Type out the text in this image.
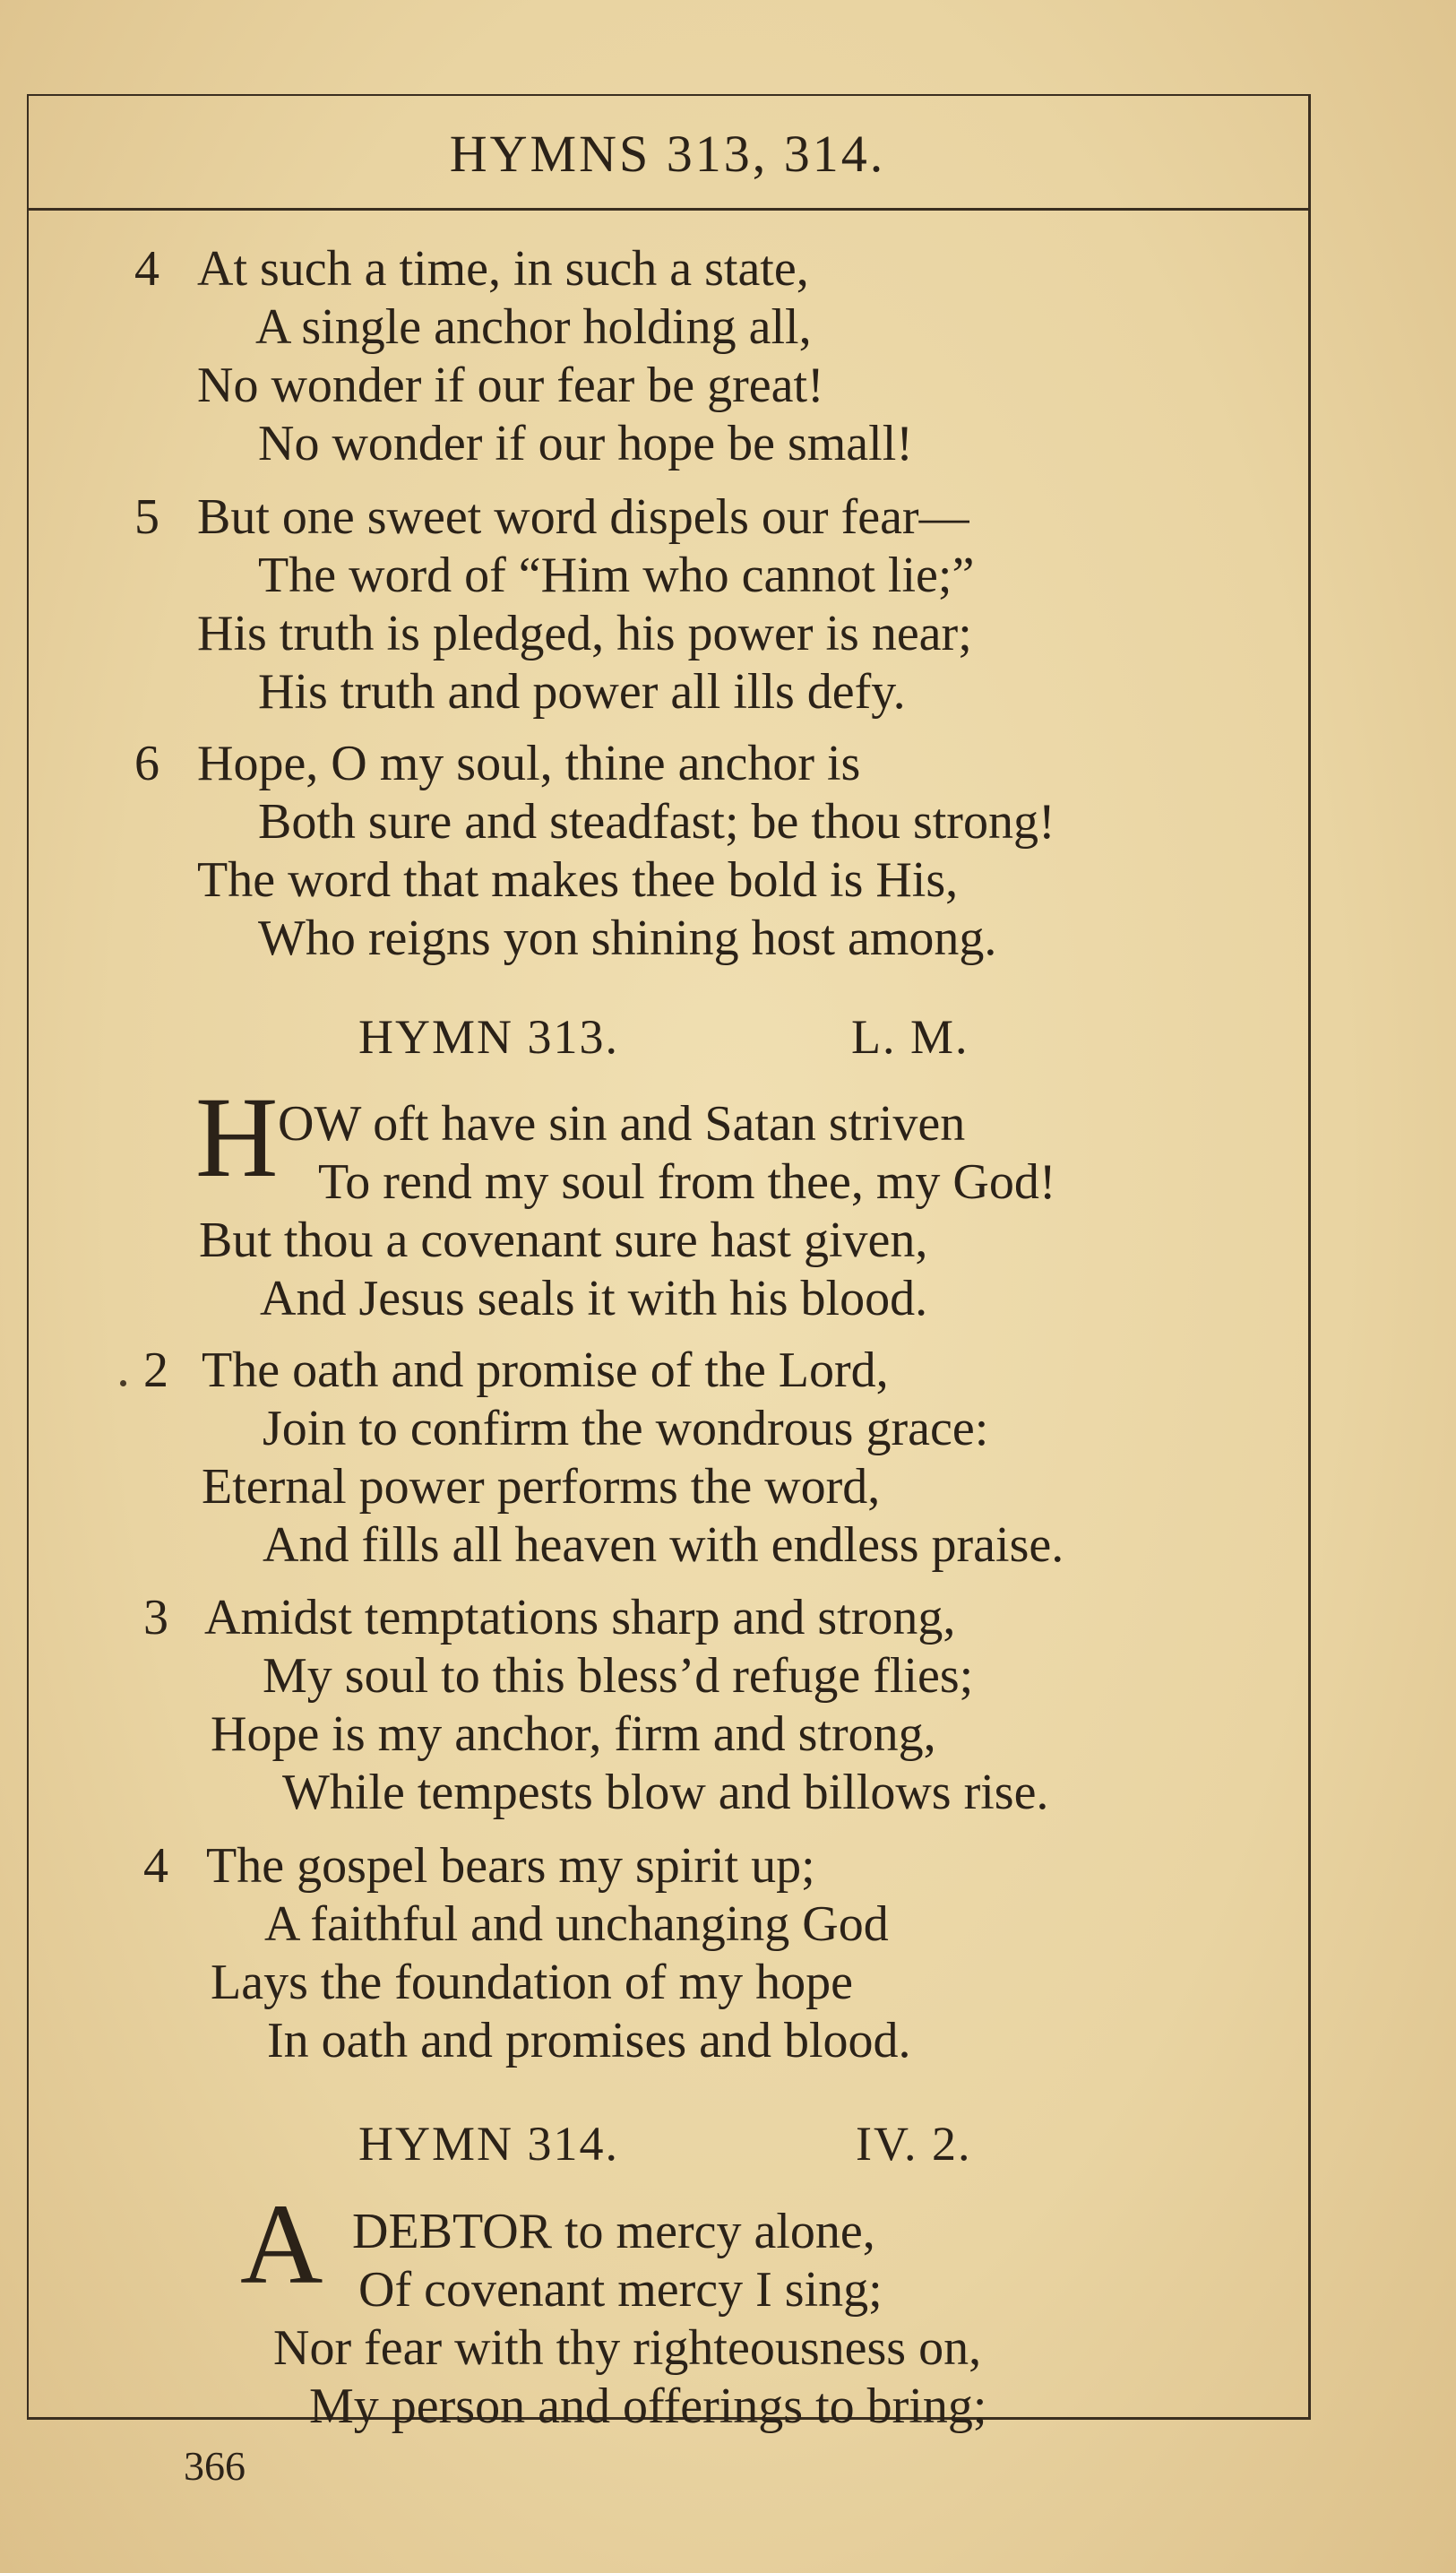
HYMNS 313, 314.
4 At such a time, in such a state,
A single anchor holding all,
No wonder if our fear be great!
No wonder if our hope be small!
5 But one sweet word dispels our fear—
The word of “Him who cannot lie;”
His truth is pledged, his power is near;
His truth and power all ills defy.
6 Hope, O my soul, thine anchor is
Both sure and steadfast; be thou strong!
The word that makes thee bold is His,
Who reigns yon shining host among.
HYMN 313.	L. M.
H OW oft have sin and Satan striven
To rend my soul from thee, my God!
But thou a covenant sure hast given,
And Jesus seals it with his blood.
2 The oath and promise of the Lord,
Join to confirm the wondrous grace:
Eternal power performs the word,
And fills all heaven with endless praise.
3 Amidst temptations sharp and strong,
My soul to this bless’d refuge flies;
Hope is my anchor, firm and strong,
While tempests blow and billows rise.
4 The gospel bears my spirit up;
A faithful and unchanging God
Lays the foundation of my hope
In oath and promises and blood.
HYMN 314.	IV. 2.
A DEBTOR to mercy alone,
Of covenant mercy I sing;
Nor fear with thy righteousness on,
My person and offerings to bring;
366
